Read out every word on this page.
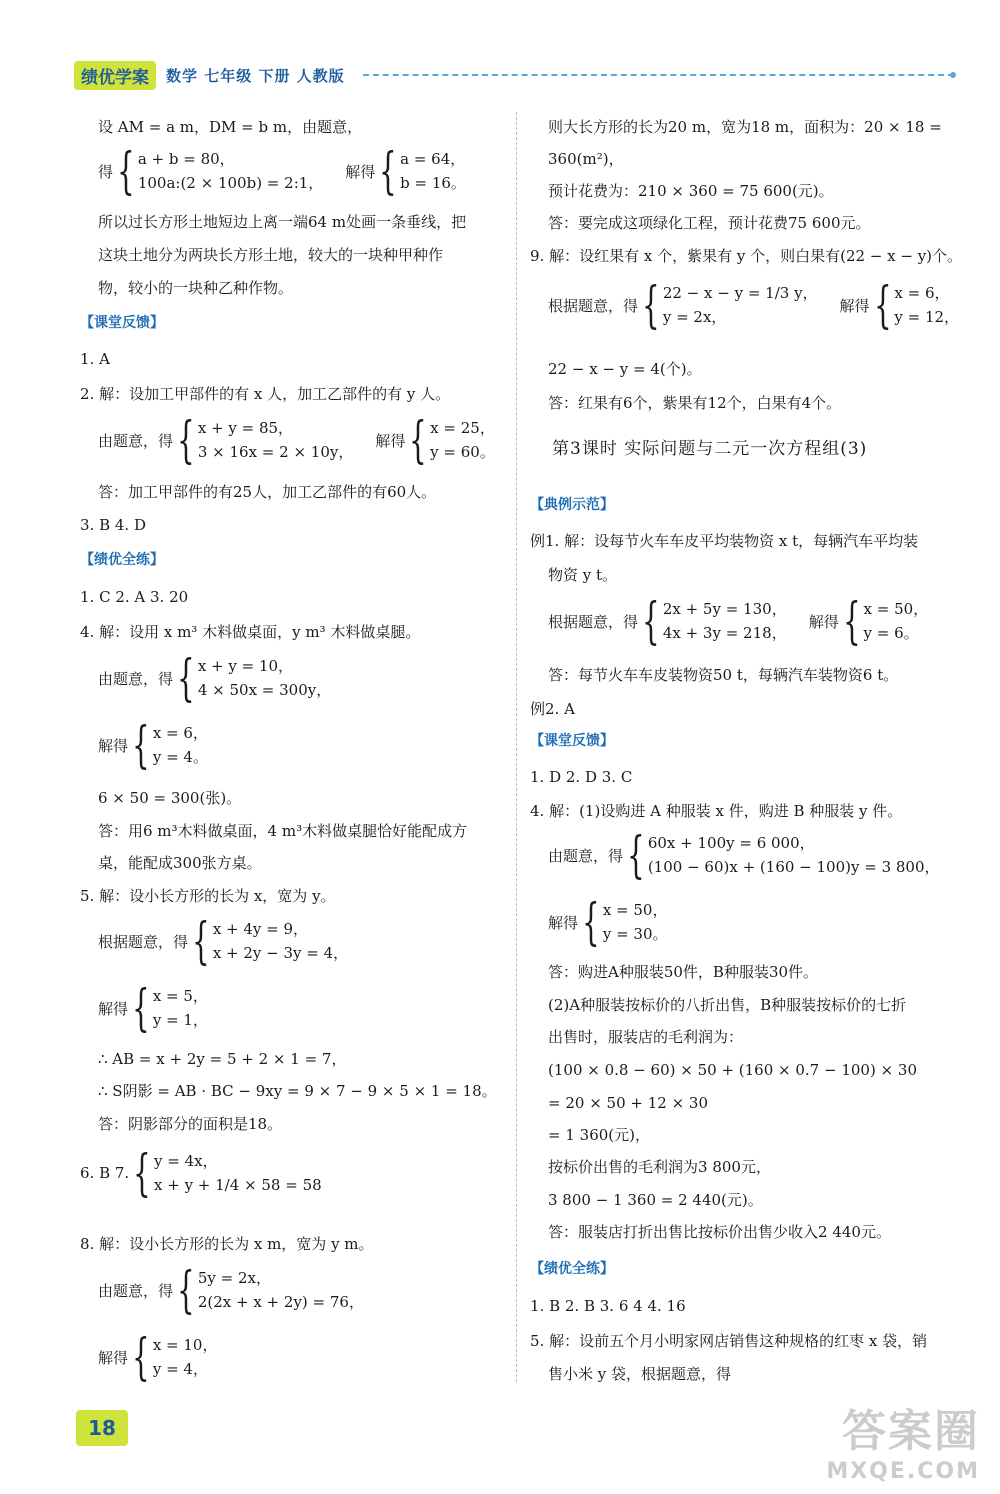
绩优学案	数学 七年级 下册 人教版
设 AM = a m，DM = b m，由题意，
得 { a + b = 80，
100a:(2 × 100b) = 2:1，
解得 { a = 64，
b = 16。
所以过长方形土地短边上离一端64 m处画一条垂线，把
这块土地分为两块长方形土地，较大的一块种甲种作
物，较小的一块种乙种作物。
【课堂反馈】
1. A
2. 解：设加工甲部件的有 x 人，加工乙部件的有 y 人。
由题意，得 { x + y = 85，
3 × 16x = 2 × 10y，
解得 { x = 25，
y = 60。
答：加工甲部件的有25人，加工乙部件的有60人。
3. B 4. D
【绩优全练】
1. C 2. A 3. 20
4. 解：设用 x m³ 木料做桌面，y m³ 木料做桌腿。
由题意，得 { x + y = 10，
4 × 50x = 300y，
解得 { x = 6，
y = 4。
6 × 50 = 300(张)。
答：用6 m³木料做桌面，4 m³木料做桌腿恰好能配成方
桌，能配成300张方桌。
5. 解：设小长方形的长为 x，宽为 y。
根据题意，得 { x + 4y = 9，
x + 2y − 3y = 4，
解得 { x = 5，
y = 1，
∴ AB = x + 2y = 5 + 2 × 1 = 7，
∴ S阴影 = AB · BC − 9xy = 9 × 7 − 9 × 5 × 1 = 18。
答：阴影部分的面积是18。
6. B 7. { y = 4x，
x + y + 1/4 × 58 = 58
8. 解：设小长方形的长为 x m，宽为 y m。
由题意，得 { 5y = 2x，
2(2x + x + 2y) = 76，
解得 { x = 10，
y = 4，
则大长方形的长为20 m，宽为18 m，面积为：20 × 18 =
360(m²)，
预计花费为：210 × 360 = 75 600(元)。
答：要完成这项绿化工程，预计花费75 600元。
9. 解：设红果有 x 个，紫果有 y 个，则白果有(22 − x − y)个。
根据题意，得 { 22 − x − y = 1/3 y，
y = 2x，
解得 { x = 6，
y = 12，
22 − x − y = 4(个)。
答：红果有6个，紫果有12个，白果有4个。
第3课时 实际问题与二元一次方程组(3)
【典例示范】
例1. 解：设每节火车车皮平均装物资 x t，每辆汽车平均装
物资 y t。
根据题意，得 { 2x + 5y = 130，
4x + 3y = 218，
解得 { x = 50，
y = 6。
答：每节火车车皮装物资50 t，每辆汽车装物资6 t。
例2. A
【课堂反馈】
1. D 2. D 3. C
4. 解：(1)设购进 A 种服装 x 件，购进 B 种服装 y 件。
由题意，得 { 60x + 100y = 6 000，
(100 − 60)x + (160 − 100)y = 3 800，
解得 { x = 50，
y = 30。
答：购进A种服装50件，B种服装30件。
(2)A种服装按标价的八折出售，B种服装按标价的七折
出售时，服装店的毛利润为：
(100 × 0.8 − 60) × 50 + (160 × 0.7 − 100) × 30
= 20 × 50 + 12 × 30
= 1 360(元)，
按标价出售的毛利润为3 800元，
3 800 − 1 360 = 2 440(元)。
答：服装店打折出售比按标价出售少收入2 440元。
【绩优全练】
1. B 2. B 3. 6 4 4. 16
5. 解：设前五个月小明家网店销售这种规格的红枣 x 袋，销
售小米 y 袋，根据题意，得
18	答案圈
MXQE.COM
